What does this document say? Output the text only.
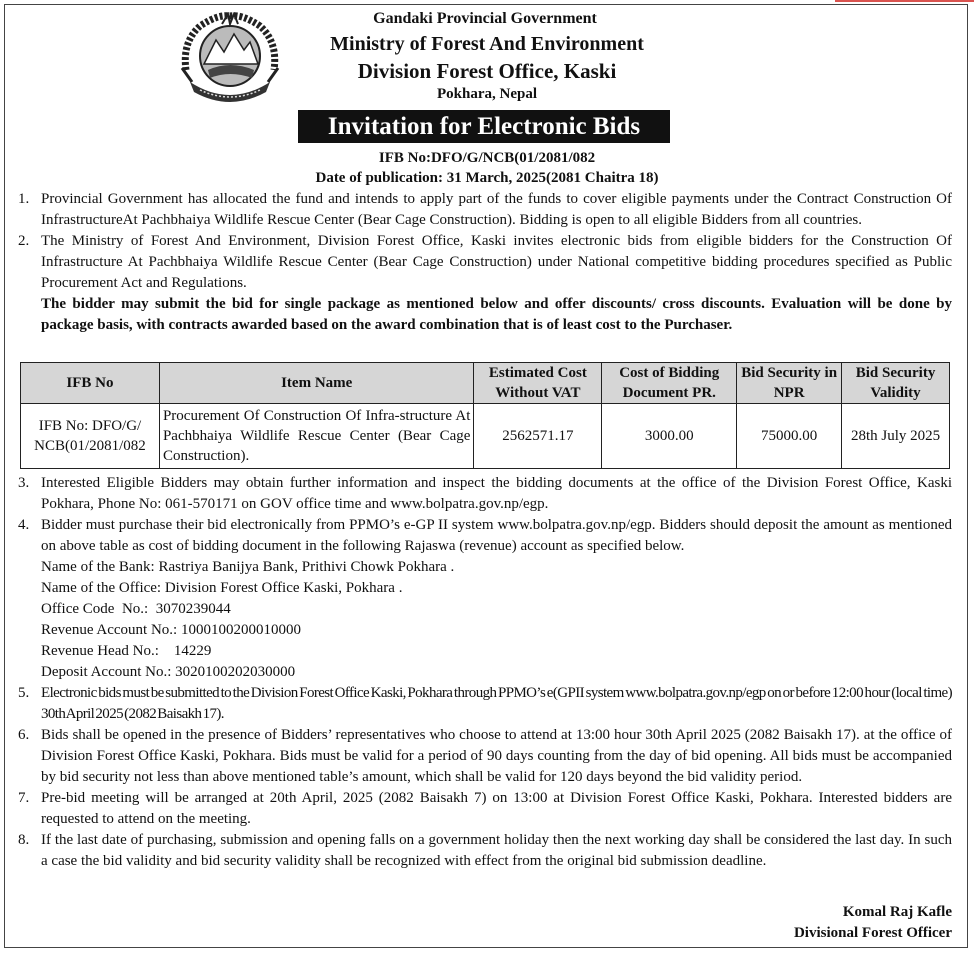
Gandaki Provincial Government
Ministry of Forest And Environment
Division Forest Office, Kaski
Pokhara, Nepal
Invitation for Electronic Bids
IFB No:DFO/G/NCB(01/2081/082
Date of publication: 31 March, 2025(2081 Chaitra 18)
1. Provincial Government has allocated the fund and intends to apply part of the funds to cover eligible payments under the Contract Construction Of InfrastructureAt Pachbhaiya Wildlife Rescue Center (Bear Cage Construction). Bidding is open to all eligible Bidders from all countries.
2. The Ministry of Forest And Environment, Division Forest Office, Kaski invites electronic bids from eligible bidders for the Construction Of Infrastructure At Pachbhaiya Wildlife Rescue Center (Bear Cage Construction) under National competitive bidding procedures specified as Public Procurement Act and Regulations.
The bidder may submit the bid for single package as mentioned below and offer discounts/ cross discounts. Evaluation will be done by package basis, with contracts awarded based on the award combination that is of least cost to the Purchaser.
IFB No	Item Name	Estimated Cost Without VAT	Cost of Bidding Document PR.	Bid Security in NPR	Bid Security Validity
IFB No: DFO/G/ NCB(01/2081/082	Procurement Of Construction Of Infra-structure At Pachbhaiya Wildlife Rescue Center (Bear Cage Construction).	2562571.17	3000.00	75000.00	28th July 2025
3. Interested Eligible Bidders may obtain further information and inspect the bidding documents at the office of the Division Forest Office, Kaski Pokhara, Phone No: 061-570171 on GOV office time and www.bolpatra.gov.np/egp.
4. Bidder must purchase their bid electronically from PPMO’s e-GP II system www.bolpatra.gov.np/egp. Bidders should deposit the amount as mentioned on above table as cost of bidding document in the following Rajaswa (revenue) account as specified below.
Name of the Bank: Rastriya Banijya Bank, Prithivi Chowk Pokhara .
Name of the Office: Division Forest Office Kaski, Pokhara .
Office Code  No.:  3070239044
Revenue Account No.: 1000100200010000
Revenue Head No.:    14229
Deposit Account No.: 3020100202030000
5. Electronic bids must be submitted to the Division Forest Office Kaski, Pokhara through PPMO’s e(GPII system www.bolpatra.gov.np/egp on or before 12:00 hour (local time) 30th April 2025 (2082 Baisakh 17).
6. Bids shall be opened in the presence of Bidders’ representatives who choose to attend at 13:00 hour 30th April 2025 (2082 Baisakh 17). at the office of Division Forest Office Kaski, Pokhara. Bids must be valid for a period of 90 days counting from the day of bid opening. All bids must be accompanied by bid security not less than above mentioned table’s amount, which shall be valid for 120 days beyond the bid validity period.
7. Pre-bid meeting will be arranged at 20th April, 2025 (2082 Baisakh 7) on 13:00 at Division Forest Office Kaski, Pokhara. Interested bidders are requested to attend on the meeting.
8. If the last date of purchasing, submission and opening falls on a government holiday then the next working day shall be considered the last day. In such a case the bid validity and bid security validity shall be recognized with effect from the original bid submission deadline.
Komal Raj Kafle
Divisional Forest Officer
